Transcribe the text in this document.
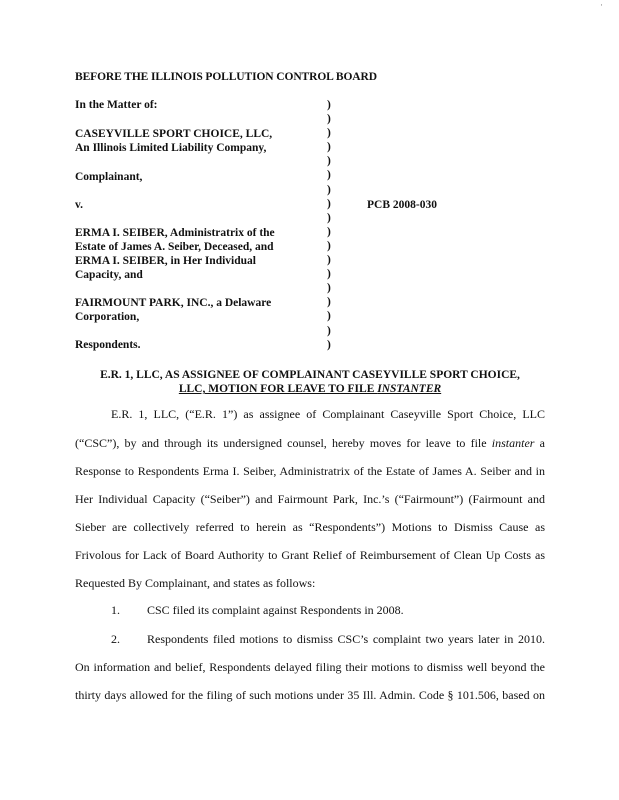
·
BEFORE THE ILLINOIS POLLUTION CONTROL BOARD
In the Matter of:
CASEYVILLE SPORT CHOICE, LLC,
An Illinois Limited Liability Company,
Complainant,
v.
ERMA I. SEIBER, Administratrix of the
Estate of James A. Seiber, Deceased, and
ERMA I. SEIBER, in Her Individual
Capacity, and
FAIRMOUNT PARK, INC., a Delaware
Corporation,
Respondents.
)
)
)
)
)
)
)
)
)
)
)
)
)
)
)
)
)
)
PCB 2008-030
E.R. 1, LLC, AS ASSIGNEE OF COMPLAINANT CASEYVILLE SPORT CHOICE,
LLC, MOTION FOR LEAVE TO FILE INSTANTER
E.R. 1, LLC, (“E.R. 1”) as assignee of Complainant Caseyville Sport Choice, LLC
(“CSC”), by and through its undersigned counsel, hereby moves for leave to file instanter a
Response to Respondents Erma I. Seiber, Administratrix of the Estate of James A. Seiber and in
Her Individual Capacity (“Seiber”) and Fairmount Park, Inc.’s (“Fairmount”) (Fairmount and
Sieber are collectively referred to herein as “Respondents”) Motions to Dismiss Cause as
Frivolous for Lack of Board Authority to Grant Relief of Reimbursement of Clean Up Costs as
Requested By Complainant, and states as follows:
1. CSC filed its complaint against Respondents in 2008.
2. Respondents filed motions to dismiss CSC’s complaint two years later in 2010.
On information and belief, Respondents delayed filing their motions to dismiss well beyond the
thirty days allowed for the filing of such motions under 35 Ill. Admin. Code § 101.506, based on
